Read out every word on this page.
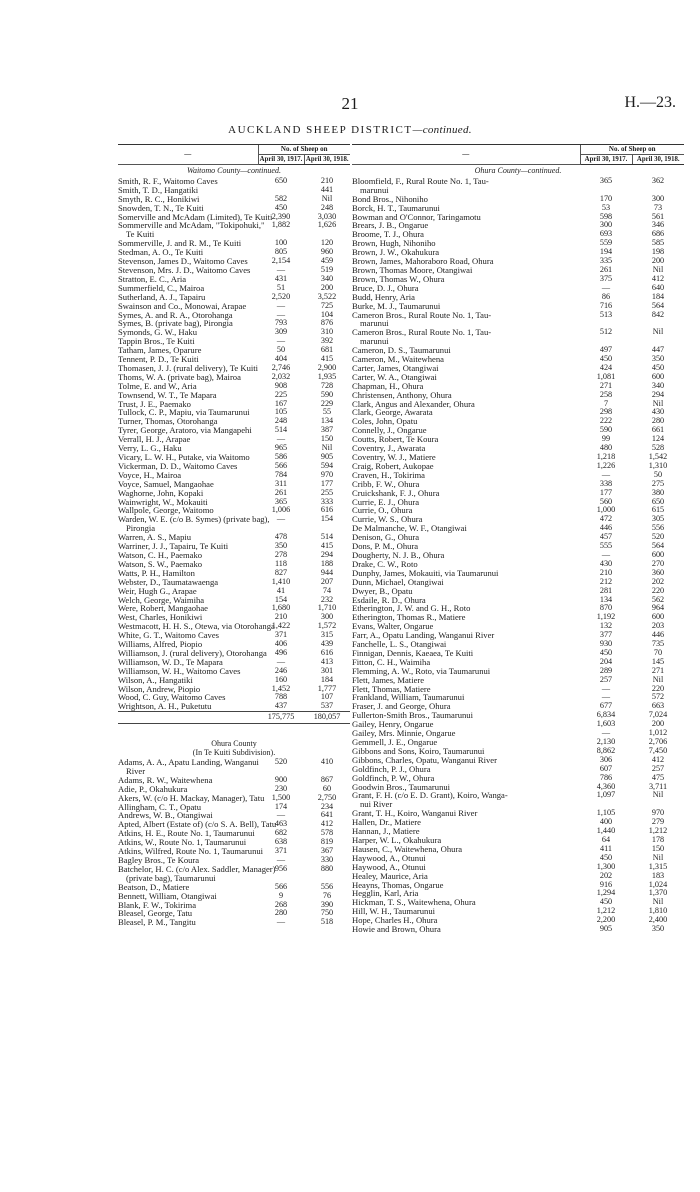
21	H.—23.
AUCKLAND SHEEP DISTRICT—continued.
—	No. of Sheep on	
	April 30, 1917.	April 30, 1918.
Waitomo County—continued.		
Smith, R. F., Waitomo Caves	650	210
Smith, T. D., Hangatiki		441
Smyth, R. C., Honikiwi	582	Nil
Snowden, T. N., Te Kuiti	450	248
Somerville and McAdam (Limited), Te Kuiti	2,390	3,030
Sommerville and McAdam, "Tokipohuki,"	1,882	1,626
Te Kuiti		
Sommerville, J. and R. M., Te Kuiti	100	120
Stedman, A. O., Te Kuiti	805	960
Stevenson, James D., Waitomo Caves	2,154	459
Stevenson, Mrs. J. D., Waitomo Caves	—	519
Stratton, E. C., Aria	431	340
Summerfield, C., Mairoa	51	200
Sutherland, A. J., Tapairu	2,520	3,522
Swainson and Co., Monowai, Arapae	—	725
Symes, A. and R. A., Otorohanga	—	104
Symes, B. (private bag), Pirongia	793	876
Symonds, G. W., Haku	309	310
Tappin Bros., Te Kuiti	—	392
Tatham, James, Oparure	50	681
Tennent, P. D., Te Kuiti	404	415
Thomasen, J. J. (rural delivery), Te Kuiti	2,746	2,900
Thoms, W. A. (private bag), Mairoa	2,032	1,935
Tolme, E. and W., Aria	908	728
Townsend, W. T., Te Mapara	225	590
Trust, J. E., Paemako	167	229
Tullock, C. P., Mapiu, via Taumarunui	105	55
Turner, Thomas, Otorohanga	248	134
Tyrer, George, Aratoro, via Mangapehi	514	387
Verrall, H. J., Arapae	—	150
Verry, L. G., Haku	965	Nil
Vicary, L. W. H., Putake, via Waitomo	586	905
Vickerman, D. D., Waitomo Caves	566	594
Voyce, H., Mairoa	784	970
Voyce, Samuel, Mangaohae	311	177
Waghorne, John, Kopaki	261	255
Wainwright, W., Mokauiti	365	333
Wallpole, George, Waitomo	1,006	616
Warden, W. E. (c/o B. Symes) (private bag),	—	154
Pirongia		
Warren, A. S., Mapiu	478	514
Warriner, J. J., Tapairu, Te Kuiti	350	415
Watson, C. H., Paemako	278	294
Watson, S. W., Paemako	118	188
Watts, P. H., Hamilton	827	944
Webster, D., Taumatawaenga	1,410	207
Weir, Hugh G., Arapae	41	74
Welch, George, Waimiha	154	232
Were, Robert, Mangaohae	1,680	1,710
West, Charles, Honikiwi	210	300
Westmacott, H. H. S., Otewa, via Otorohanga	1,422	1,572
White, G. T., Waitomo Caves	371	315
Williams, Alfred, Piopio	406	439
Williamson, J. (rural delivery), Otorohanga	496	616
Williamson, W. D., Te Mapara	—	413
Williamson, W. H., Waitomo Caves	246	301
Wilson, A., Hangatiki	160	184
Wilson, Andrew, Piopio	1,452	1,777
Wood, C. Guy, Waitomo Caves	788	107
Wrightson, A. H., Puketutu	437	537
	175,775	180,057

Ohura County		
(In Te Kuiti Subdivision).		
Adams, A. A., Apatu Landing, Wanganui	520	410
River		
Adams, R. W., Waitewhena	900	867
Adie, P., Okahukura	230	60
Akers, W. (c/o H. Mackay, Manager), Tatu	1,500	2,750
Allingham, C. T., Opatu	174	234
Andrews, W. B., Otangiwai	—	641
Apted, Albert (Estate of) (c/o S. A. Bell), Tatu	463	412
Atkins, H. E., Route No. 1, Taumarunui	682	578
Atkins, W., Route No. 1, Taumarunui	638	819
Atkins, Wilfred, Route No. 1, Taumarunui	371	367
Bagley Bros., Te Koura	—	330
Batchelor, H. C. (c/o Alex. Saddler, Manager)	956	880
(private bag), Taumarunui		
Beatson, D., Matiere	566	556
Bennett, William, Otangiwai	9	76
Blank, F. W., Tokirima	268	390
Bleasel, George, Tatu	280	750
Bleasel, P. M., Tangitu	—	518
—	No. of Sheep on	
	April 30, 1917.	April 30, 1918.
Ohura County—continued.		
Bloomfield, F., Rural Route No. 1, Tau-	365	362
marunui		
Bond Bros., Nihoniho	170	300
Borck, H. T., Taumarunui	53	73
Bowman and O'Connor, Taringamotu	598	561
Brears, J. B., Ongarue	300	346
Broome, T. J., Ohura	693	686
Brown, Hugh, Nihoniho	559	585
Brown, J. W., Okahukura	194	198
Brown, James, Mahoraboro Road, Ohura	335	200
Brown, Thomas Moore, Otangiwai	261	Nil
Brown, Thomas W., Ohura	375	412
Bruce, D. J., Ohura	—	640
Budd, Henry, Aria	86	184
Burke, M. J., Taumarunui	716	564
Cameron Bros., Rural Route No. 1, Tau-	513	842
marunui		
Cameron Bros., Rural Route No. 1, Tau-	512	Nil
marunui		
Cameron, D. S., Taumarunui	497	447
Cameron, M., Waitewhena	450	350
Carter, James, Otangiwai	424	450
Carter, W. A., Otangiwai	1,081	600
Chapman, H., Ohura	271	340
Christensen, Anthony, Ohura	258	294
Clark, Angus and Alexander, Ohura	7	Nil
Clark, George, Awarata	298	430
Coles, John, Opatu	222	280
Connelly, J., Ongarue	590	661
Coutts, Robert, Te Koura	99	124
Coventry, J., Awarata	480	528
Coventry, W. J., Matiere	1,218	1,542
Craig, Robert, Aukopae	1,226	1,310
Craven, H., Tokirima	—	50
Cribb, F. W., Ohura	338	275
Cruickshank, F. J., Ohura	177	380
Currie, E. J., Ohura	560	650
Currie, O., Ohura	1,000	615
Currie, W. S., Ohura	472	305
De Malmanche, W. F., Otangiwai	446	556
Denison, G., Ohura	457	520
Dons, P. M., Ohura	555	564
Dougherty, N. J. B., Ohura	—	600
Drake, C. W., Roto	430	270
Dunphy, James, Mokauiti, via Taumarunui	210	360
Dunn, Michael, Otangiwai	212	202
Dwyer, B., Opatu	281	220
Esdaile, R. D., Ohura	134	562
Etherington, J. W. and G. H., Roto	870	964
Etherington, Thomas R., Matiere	1,192	600
Evans, Walter, Ongarue	132	203
Farr, A., Opatu Landing, Wanganui River	377	446
Fanchelle, L. S., Otangiwai	930	735
Finnigan, Dennis, Kaeaea, Te Kuiti	450	70
Fitton, C. H., Waimiha	204	145
Flemming, A. W., Roto, via Taumarunui	289	271
Flett, James, Matiere	257	Nil
Flett, Thomas, Matiere	—	220
Frankland, William, Taumarunui	—	572
Fraser, J. and George, Ohura	677	663
Fullerton-Smith Bros., Taumarunui	6,834	7,024
Gailey, Henry, Ongarue	1,603	200
Gailey, Mrs. Minnie, Ongarue	—	1,012
Gemmell, J. E., Ongarue	2,130	2,706
Gibbons and Sons, Koiro, Taumarunui	8,862	7,450
Gibbons, Charles, Opatu, Wanganui River	306	412
Goldfinch, P. J., Ohura	607	257
Goldfinch, P. W., Ohura	786	475
Goodwin Bros., Taumarunui	4,360	3,711
Grant, F. H. (c/o E. D. Grant), Koiro, Wanga-	1,097	Nil
nui River		
Grant, T. H., Koiro, Wanganui River	1,105	970
Hallen, Dr., Matiere	400	279
Hannan, J., Matiere	1,440	1,212
Harper, W. L., Okahukura	64	178
Hausen, C., Waitewhena, Ohura	411	150
Haywood, A., Otunui	450	Nil
Haywood, A., Otunui	1,300	1,315
Healey, Maurice, Aria	202	183
Heayns, Thomas, Ongarue	916	1,024
Hegglin, Karl, Aria	1,294	1,370
Hickman, T. S., Waitewhena, Ohura	450	Nil
Hill, W. H., Taumarunui	1,212	1,810
Hope, Charles H., Ohura	2,200	2,400
Howie and Brown, Ohura	905	350
